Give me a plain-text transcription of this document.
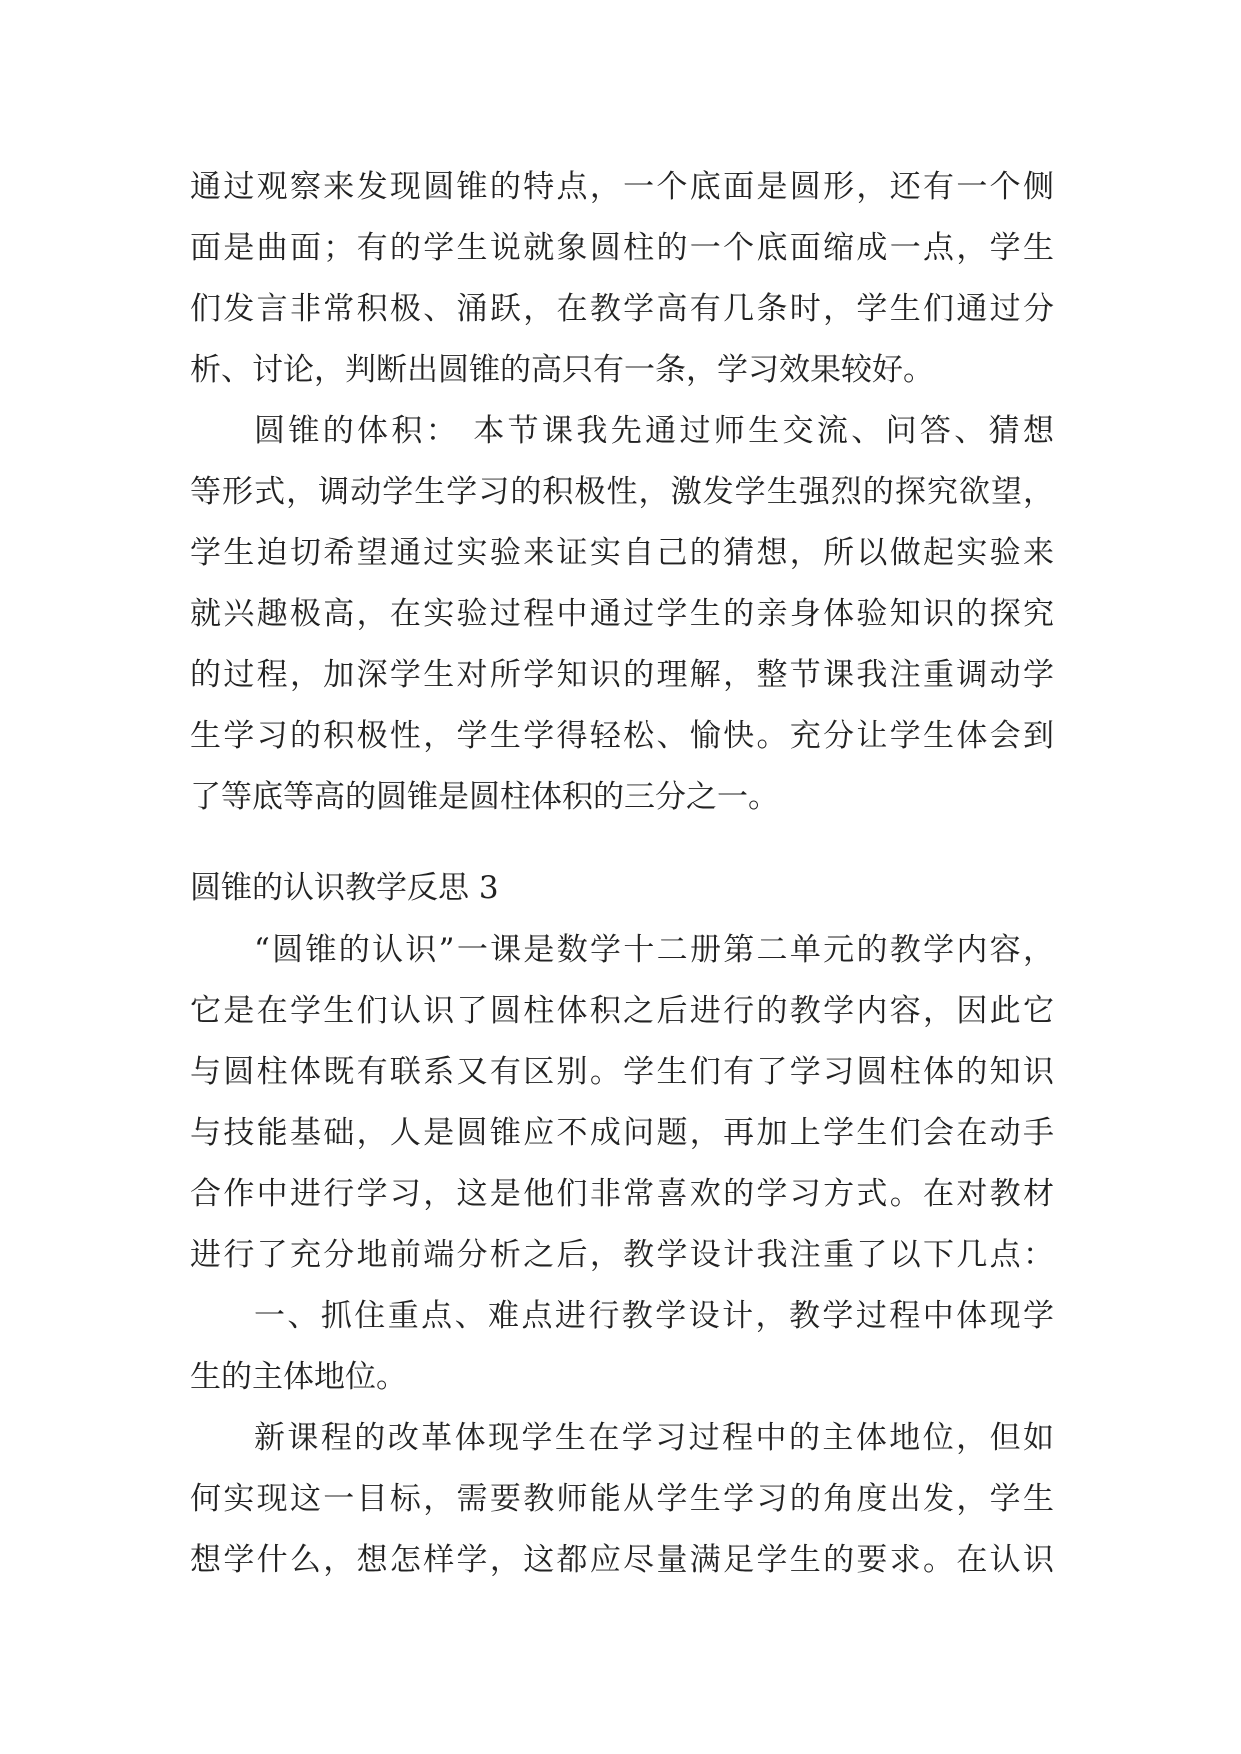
通过观察来发现圆锥的特点，一个底面是圆形，还有一个侧
面是曲面；有的学生说就象圆柱的一个底面缩成一点，学生
们发言非常积极、涌跃，在教学高有几条时，学生们通过分
析、讨论，判断出圆锥的高只有一条，学习效果较好。
圆锥的体积： 本节课我先通过师生交流、问答、猜想
等形式，调动学生学习的积极性，激发学生强烈的探究欲望，
学生迫切希望通过实验来证实自己的猜想，所以做起实验来
就兴趣极高，在实验过程中通过学生的亲身体验知识的探究
的过程，加深学生对所学知识的理解，整节课我注重调动学
生学习的积极性，学生学得轻松、愉快。充分让学生体会到
了等底等高的圆锥是圆柱体积的三分之一。
圆锥的认识教学反思 3
“圆锥的认识”一课是数学十二册第二单元的教学内容，
它是在学生们认识了圆柱体积之后进行的教学内容，因此它
与圆柱体既有联系又有区别。学生们有了学习圆柱体的知识
与技能基础，人是圆锥应不成问题，再加上学生们会在动手
合作中进行学习，这是他们非常喜欢的学习方式。在对教材
进行了充分地前端分析之后，教学设计我注重了以下几点：
一、抓住重点、难点进行教学设计，教学过程中体现学
生的主体地位。
新课程的改革体现学生在学习过程中的主体地位，但如
何实现这一目标，需要教师能从学生学习的角度出发，学生
想学什么，想怎样学，这都应尽量满足学生的要求。在认识
